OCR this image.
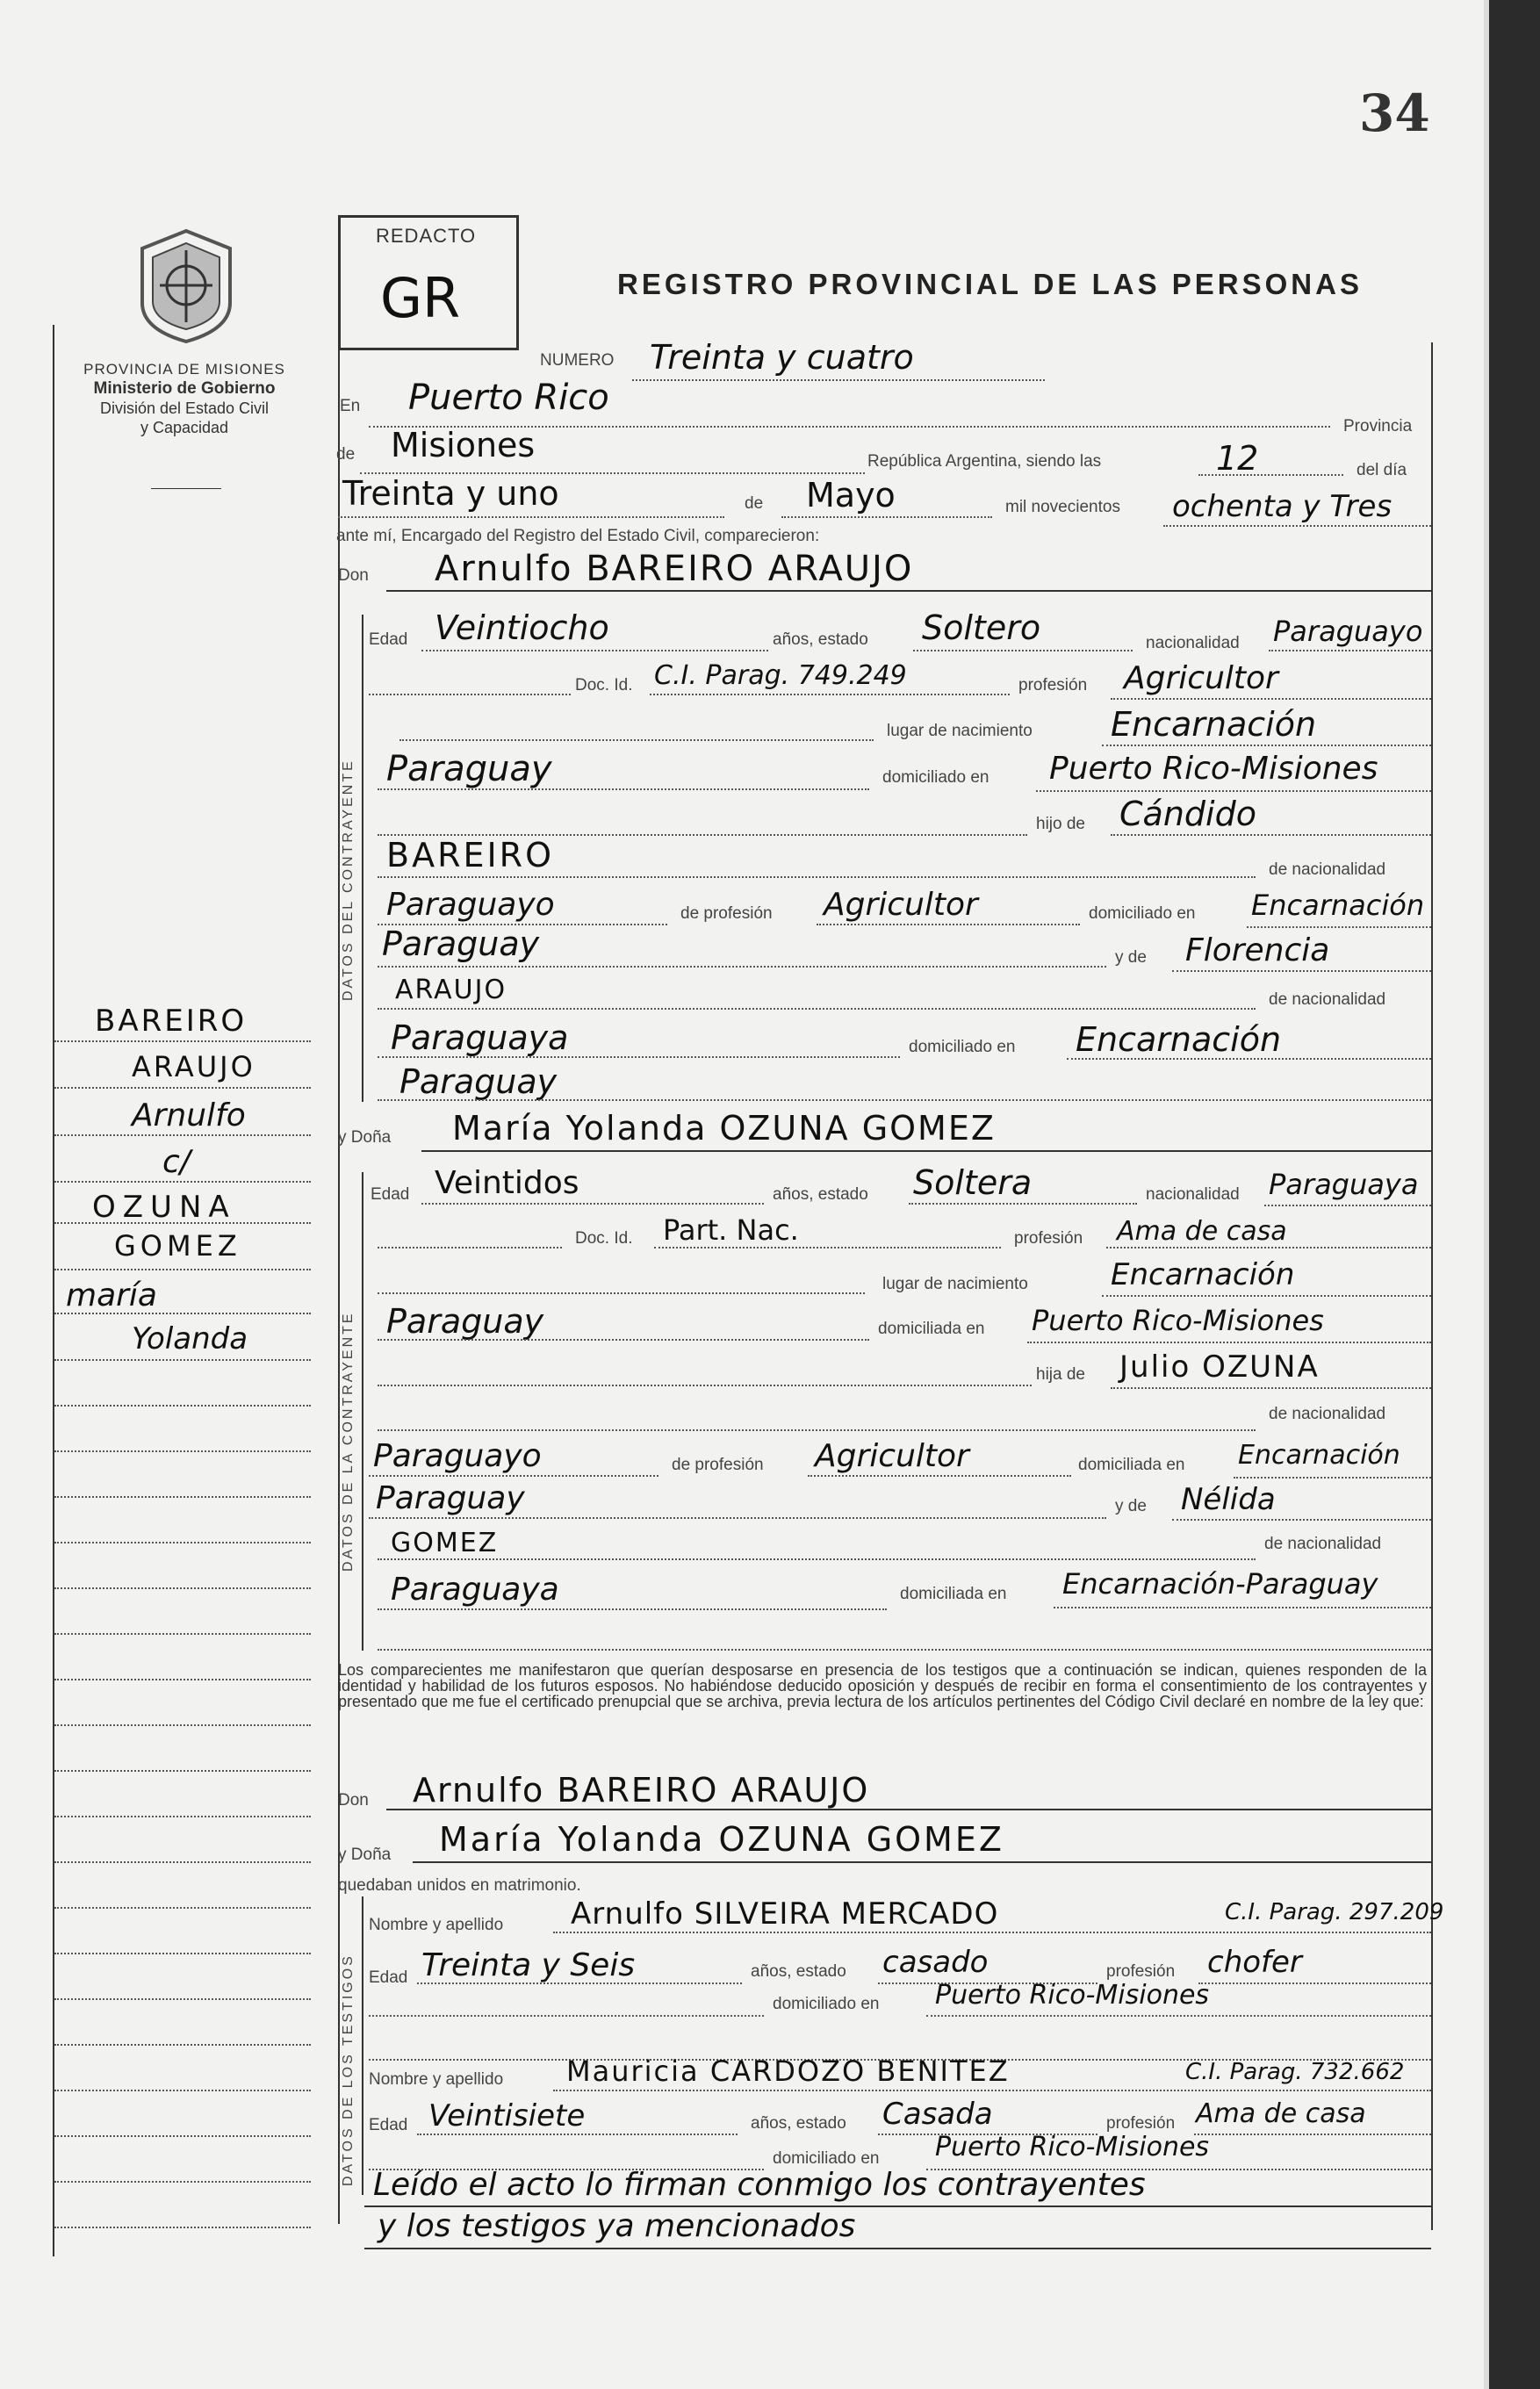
34
PROVINCIA DE MISIONES
Ministerio de Gobierno
División del Estado Civil
y Capacidad
REDACTO
GR	REGISTRO PROVINCIAL DE LAS PERSONAS
BAREIRO
ARAUJO
Arnulfo
c/
OZUNA
GOMEZ
maría
Yolanda
NUMERO Treinta y cuatro
En Puerto Rico
Provincia
de Misiones	República Argentina, siendo las	12	del día
Treinta y uno	de Mayo	mil novecientos ochenta y Tres
ante mí, Encargado del Registro del Estado Civil, comparecieron:
Don Arnulfo BAREIRO ARAUJO
DATOS DEL CONTRAYENTE
Edad Veintiocho	años, estado Soltero	nacionalidad Paraguayo
Doc. Id. C.I. Parag. 749.249	profesión Agricultor
lugar de nacimiento Encarnación
Paraguay	domiciliado en Puerto Rico-Misiones
hijo de Cándido
BAREIRO	de nacionalidad
Paraguayo	de profesión Agricultor	domiciliado en Encarnación
Paraguay	y de Florencia
ARAUJO	de nacionalidad
Paraguaya	domiciliado en Encarnación
Paraguay
y Doña María Yolanda OZUNA GOMEZ
DATOS DE LA CONTRAYENTE
Edad Veintidos	años, estado Soltera	nacionalidad Paraguaya
Doc. Id. Part. Nac.	profesión Ama de casa
lugar de nacimiento	Encarnación
Paraguay	domiciliada en Puerto Rico-Misiones
hija de Julio OZUNA
de nacionalidad
Paraguayo	de profesión Agricultor	domiciliada en Encarnación
Paraguay	y de Nélida
GOMEZ	de nacionalidad
Paraguaya	domiciliada en Encarnación-Paraguay
Los comparecientes me manifestaron que querían desposarse en presencia de los testigos que a continuación se indican, quienes responden de la identidad y habilidad de los futuros esposos. No habiéndose deducido oposición y después de recibir en forma el consentimiento de los contrayentes y presentado que me fue el certificado prenupcial que se archiva, previa lectura de los artículos pertinentes del Código Civil declaré en nombre de la ley que:
Don Arnulfo BAREIRO ARAUJO
y Doña María Yolanda OZUNA GOMEZ
quedaban unidos en matrimonio.
DATOS DE LOS TESTIGOS
Nombre y apellido Arnulfo SILVEIRA MERCADO	C.I. Parag. 297.209
Edad Treinta y Seis	años, estado casado	profesión chofer
domiciliado en Puerto Rico-Misiones
Nombre y apellido Mauricia CARDOZO BENITEZ	C.I. Parag. 732.662
Edad Veintisiete	años, estado Casada	profesión Ama de casa
domiciliado en Puerto Rico-Misiones
Leído el acto lo firman conmigo los contrayentes
y los testigos ya mencionados
